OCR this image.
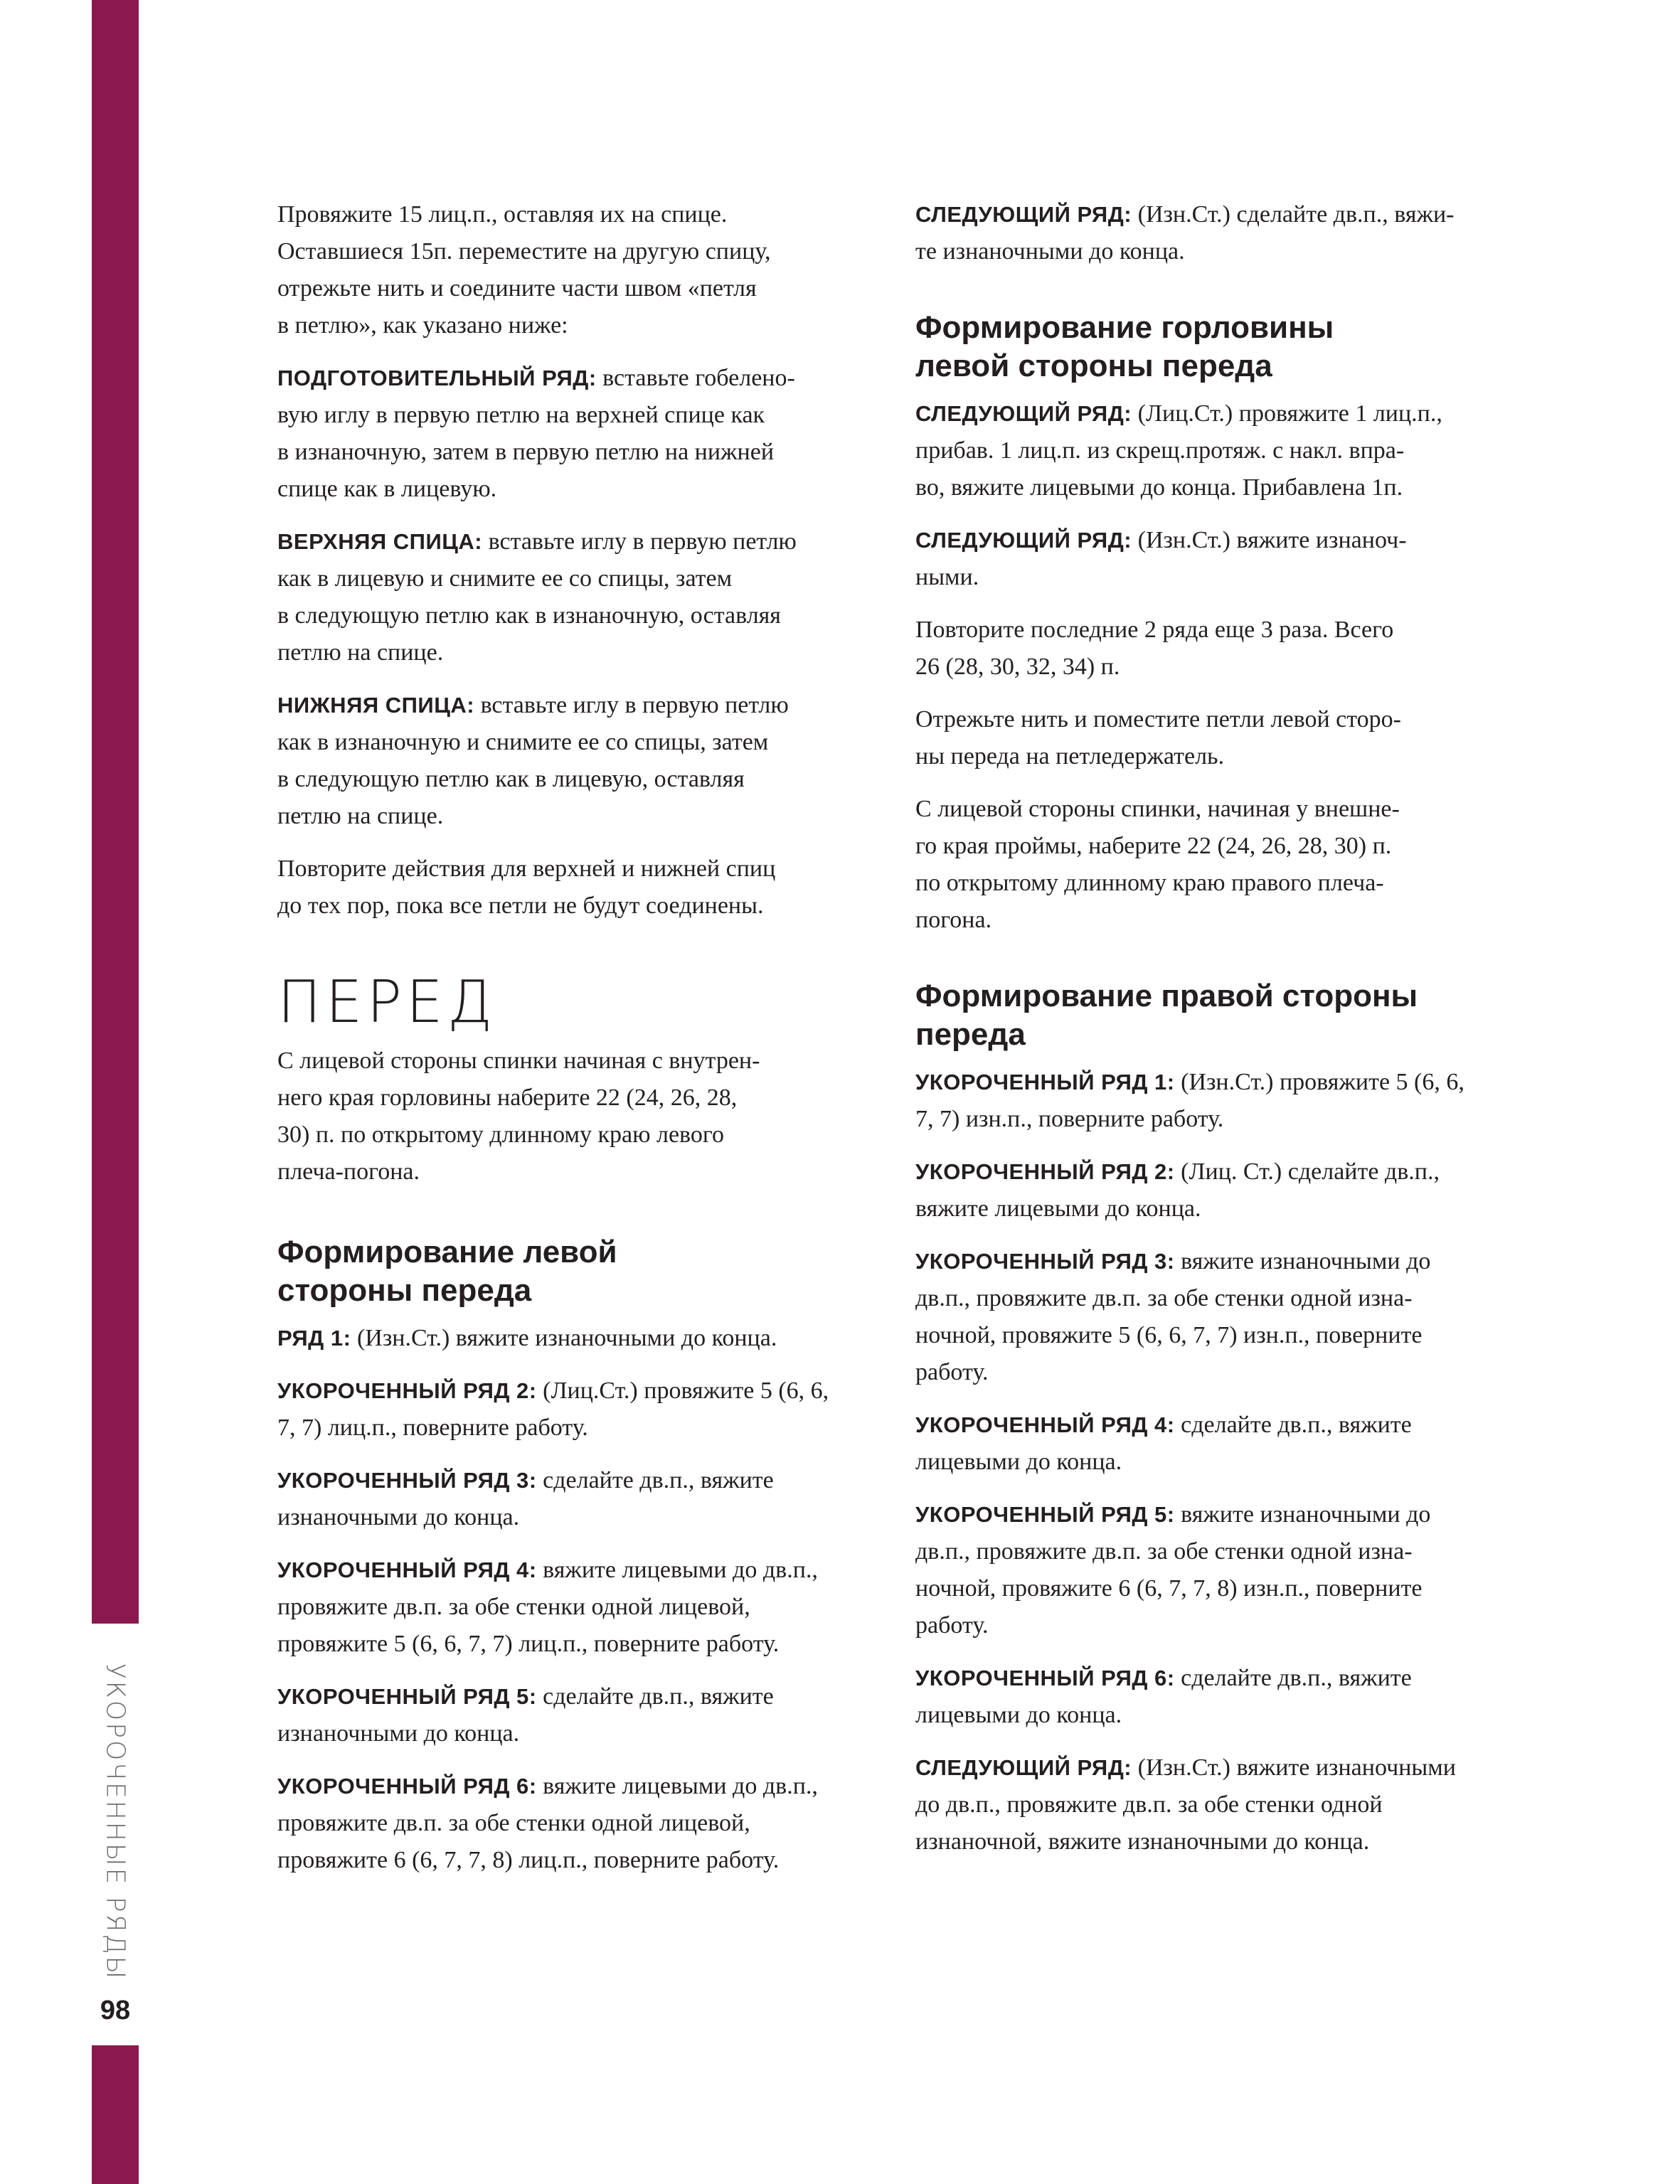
УКОРОЧЕННЫЕ РЯДЫ
98

Провяжите 15 лиц.п., оставляя их на спице.
Оставшиеся 15п. переместите на другую спицу,
отрежьте нить и соедините части швом «петля
в петлю», как указано ниже:

ПОДГОТОВИТЕЛЬНЫЙ РЯД: вставьте гобелено-
вую иглу в первую петлю на верхней спице как
в изнаночную, затем в первую петлю на нижней
спице как в лицевую.

ВЕРХНЯЯ СПИЦА: вставьте иглу в первую петлю
как в лицевую и снимите ее со спицы, затем
в следующую петлю как в изнаночную, оставляя
петлю на спице.

НИЖНЯЯ СПИЦА: вставьте иглу в первую петлю
как в изнаночную и снимите ее со спицы, затем
в следующую петлю как в лицевую, оставляя
петлю на спице.

Повторите действия для верхней и нижней спиц
до тех пор, пока все петли не будут соединены.

ПЕРЕД

С лицевой стороны спинки начиная с внутрен-
него края горловины наберите 22 (24, 26, 28,
30) п. по открытому длинному краю левого
плеча-погона.

Формирование левой
стороны переда

РЯД 1: (Изн.Ст.) вяжите изнаночными до конца.

УКОРОЧЕННЫЙ РЯД 2: (Лиц.Ст.) провяжите 5 (6, 6,
7, 7) лиц.п., поверните работу.

УКОРОЧЕННЫЙ РЯД 3: сделайте дв.п., вяжите
изнаночными до конца.

УКОРОЧЕННЫЙ РЯД 4: вяжите лицевыми до дв.п.,
провяжите дв.п. за обе стенки одной лицевой,
провяжите 5 (6, 6, 7, 7) лиц.п., поверните работу.

УКОРОЧЕННЫЙ РЯД 5: сделайте дв.п., вяжите
изнаночными до конца.

УКОРОЧЕННЫЙ РЯД 6: вяжите лицевыми до дв.п.,
провяжите дв.п. за обе стенки одной лицевой,
провяжите 6 (6, 7, 7, 8) лиц.п., поверните работу.

СЛЕДУЮЩИЙ РЯД: (Изн.Ст.) сделайте дв.п., вяжи-
те изнаночными до конца.

Формирование горловины
левой стороны переда

СЛЕДУЮЩИЙ РЯД: (Лиц.Ст.) провяжите 1 лиц.п.,
прибав. 1 лиц.п. из скрещ.протяж. с накл. впра-
во, вяжите лицевыми до конца. Прибавлена 1п.

СЛЕДУЮЩИЙ РЯД: (Изн.Ст.) вяжите изнаноч-
ными.

Повторите последние 2 ряда еще 3 раза. Всего
26 (28, 30, 32, 34) п.

Отрежьте нить и поместите петли левой сторо-
ны переда на петледержатель.

С лицевой стороны спинки, начиная у внешне-
го края проймы, наберите 22 (24, 26, 28, 30) п.
по открытому длинному краю правого плеча-
погона.

Формирование правой стороны
переда

УКОРОЧЕННЫЙ РЯД 1: (Изн.Ст.) провяжите 5 (6, 6,
7, 7) изн.п., поверните работу.

УКОРОЧЕННЫЙ РЯД 2: (Лиц. Ст.) сделайте дв.п.,
вяжите лицевыми до конца.

УКОРОЧЕННЫЙ РЯД 3: вяжите изнаночными до
дв.п., провяжите дв.п. за обе стенки одной изна-
ночной, провяжите 5 (6, 6, 7, 7) изн.п., поверните
работу.

УКОРОЧЕННЫЙ РЯД 4: сделайте дв.п., вяжите
лицевыми до конца.

УКОРОЧЕННЫЙ РЯД 5: вяжите изнаночными до
дв.п., провяжите дв.п. за обе стенки одной изна-
ночной, провяжите 6 (6, 7, 7, 8) изн.п., поверните
работу.

УКОРОЧЕННЫЙ РЯД 6: сделайте дв.п., вяжите
лицевыми до конца.

СЛЕДУЮЩИЙ РЯД: (Изн.Ст.) вяжите изнаночными
до дв.п., провяжите дв.п. за обе стенки одной
изнаночной, вяжите изнаночными до конца.
